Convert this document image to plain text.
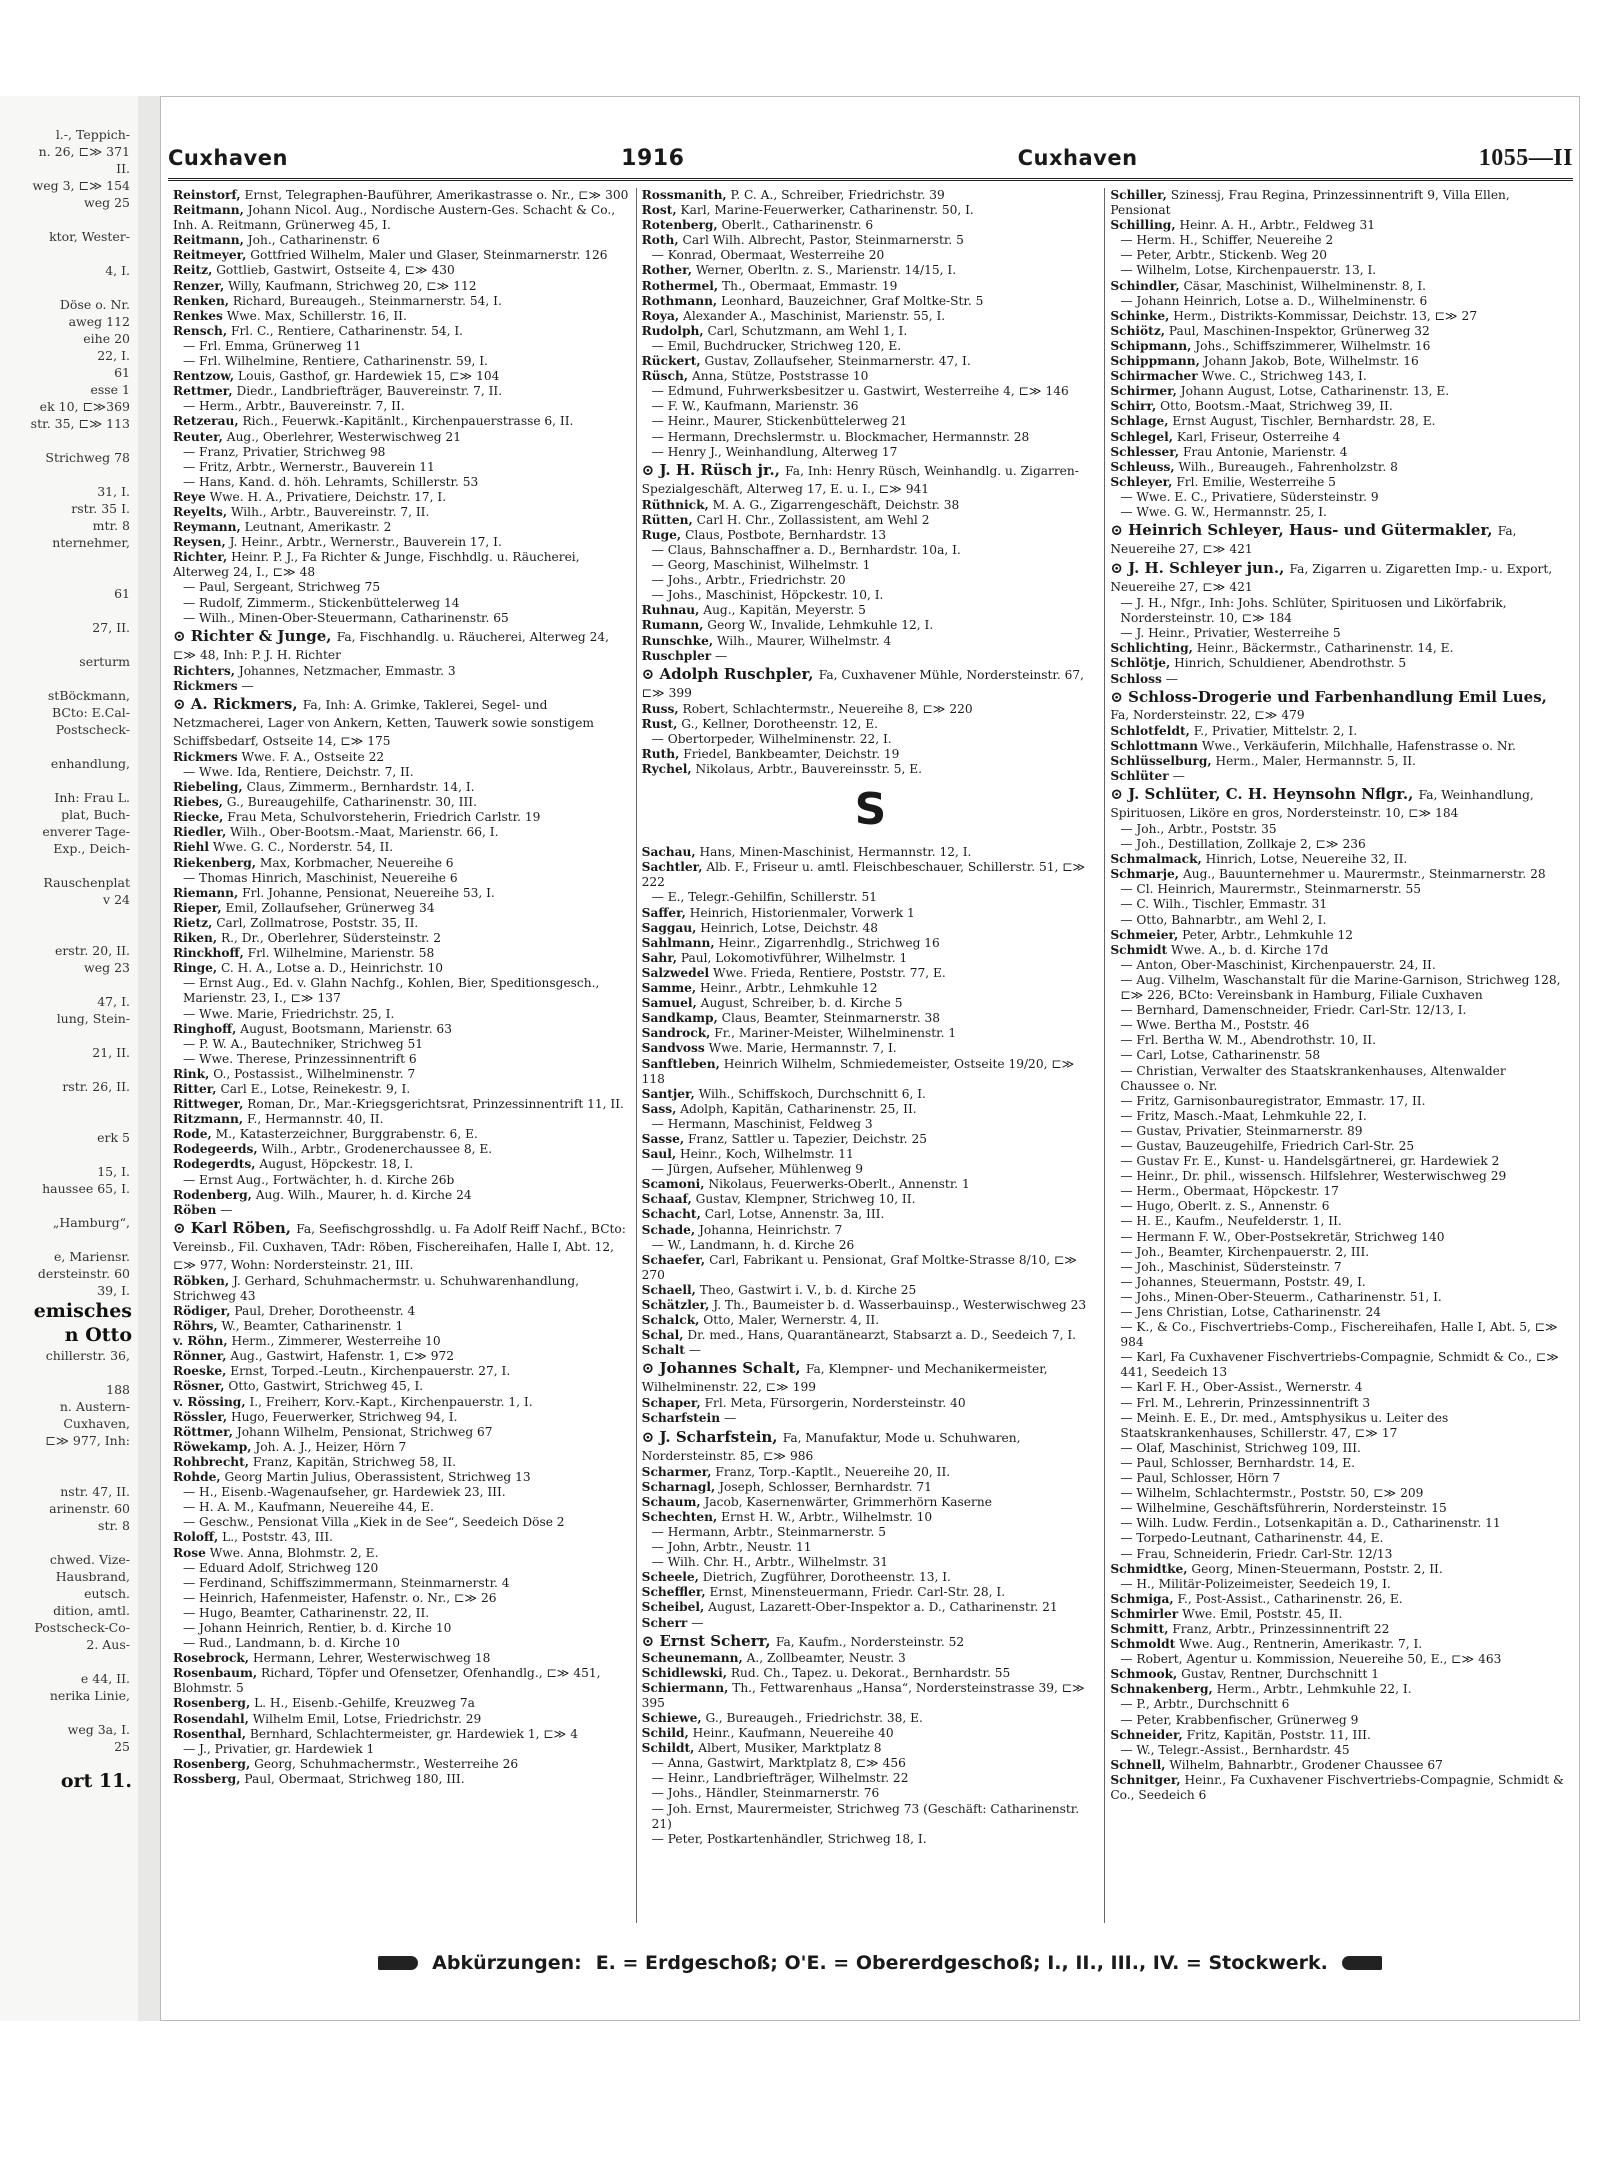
l.-, Teppich-
n. 26, ⊏≫ 371
II.
weg 3, ⊏≫ 154
weg 25

ktor, Wester-

4, I.

Döse o. Nr.
aweg 112
eihe 20
22, I.
61
esse 1
ek 10, ⊏≫369
str. 35, ⊏≫ 113

Strichweg 78

31, I.
rstr. 35 I.
mtr. 8
nternehmer,

61

27, II.

serturm

stBöckmann,
BCto: E.Cal-
Postscheck-

enhandlung,

Inh: Frau L.
plat, Buch-
enverer Tage-
Exp., Deich-

Rauschenplat
v 24

erstr. 20, II.
weg 23

47, I.
lung, Stein-

21, II.

rstr. 26, II.

erk 5

15, I.
haussee 65, I.

„Hamburg“,

e, Mariensr.
dersteinstr. 60
39, I.
emisches
n Otto
chillerstr. 36,

188
n. Austern-
Cuxhaven,
⊏≫ 977, Inh:

nstr. 47, II.
arinenstr. 60
str. 8

chwed. Vize-
Hausbrand,
eutsch.
dition, amtl.
Postscheck-Co-
2. Aus-

e 44, II.
nerika Linie,

weg 3a, I.
25
ort 11.
Cuxhaven	1916	Cuxhaven	1055—II

Reinstorf, Ernst, Telegraphen-Bauführer, Amerikastrasse o. Nr., ⊏≫ 300

Reitmann, Johann Nicol. Aug., Nordische Austern-Ges. Schacht & Co., Inh. A. Reitmann, Grünerweg 45, I.

Reitmann, Joh., Catharinenstr. 6

Reitmeyer, Gottfried Wilhelm, Maler und Glaser, Steinmarnerstr. 126

Reitz, Gottlieb, Gastwirt, Ostseite 4, ⊏≫ 430

Renzer, Willy, Kaufmann, Strichweg 20, ⊏≫ 112

Renken, Richard, Bureaugeh., Steinmarnerstr. 54, I.

Renkes Wwe. Max, Schillerstr. 16, II.

Rensch, Frl. C., Rentiere, Catharinenstr. 54, I.

— Frl. Emma, Grünerweg 11

— Frl. Wilhelmine, Rentiere, Catharinenstr. 59, I.

Rentzow, Louis, Gasthof, gr. Hardewiek 15, ⊏≫ 104

Rettmer, Diedr., Landbriefträger, Bauvereinstr. 7, II.

— Herm., Arbtr., Bauvereinstr. 7, II.

Retzerau, Rich., Feuerwk.-Kapitänlt., Kirchenpauerstrasse 6, II.

Reuter, Aug., Oberlehrer, Westerwischweg 21

— Franz, Privatier, Strichweg 98

— Fritz, Arbtr., Wernerstr., Bauverein 11

— Hans, Kand. d. höh. Lehramts, Schillerstr. 53

Reye Wwe. H. A., Privatiere, Deichstr. 17, I.

Reyelts, Wilh., Arbtr., Bauvereinstr. 7, II.

Reymann, Leutnant, Amerikastr. 2

Reysen, J. Heinr., Arbtr., Wernerstr., Bauverein 17, I.

Richter, Heinr. P. J., Fa Richter & Junge, Fischhdlg. u. Räucherei, Alterweg 24, I., ⊏≫ 48

— Paul, Sergeant, Strichweg 75

— Rudolf, Zimmerm., Stickenbüttelerweg 14

— Wilh., Minen-Ober-Steuermann, Catharinenstr. 65

⊙ Richter & Junge, Fa, Fischhandlg. u. Räucherei, Alterweg 24, ⊏≫ 48, Inh: P. J. H. Richter

Richters, Johannes, Netzmacher, Emmastr. 3

Rickmers —

⊙ A. Rickmers, Fa, Inh: A. Grimke, Taklerei, Segel- und Netzmacherei, Lager von Ankern, Ketten, Tauwerk sowie sonstigem Schiffsbedarf, Ostseite 14, ⊏≫ 175

Rickmers Wwe. F. A., Ostseite 22

— Wwe. Ida, Rentiere, Deichstr. 7, II.

Riebeling, Claus, Zimmerm., Bernhardstr. 14, I.

Riebes, G., Bureaugehilfe, Catharinenstr. 30, III.

Riecke, Frau Meta, Schulvorsteherin, Friedrich Carlstr. 19

Riedler, Wilh., Ober-Bootsm.-Maat, Marienstr. 66, I.

Riehl Wwe. G. C., Norderstr. 54, II.

Riekenberg, Max, Korbmacher, Neuereihe 6

— Thomas Hinrich, Maschinist, Neuereihe 6

Riemann, Frl. Johanne, Pensionat, Neuereihe 53, I.

Rieper, Emil, Zollaufseher, Grünerweg 34

Rietz, Carl, Zollmatrose, Poststr. 35, II.

Riken, R., Dr., Oberlehrer, Südersteinstr. 2

Rinckhoff, Frl. Wilhelmine, Marienstr. 58

Ringe, C. H. A., Lotse a. D., Heinrichstr. 10

— Ernst Aug., Ed. v. Glahn Nachfg., Kohlen, Bier, Speditionsgesch., Marienstr. 23, I., ⊏≫ 137

— Wwe. Marie, Friedrichstr. 25, I.

Ringhoff, August, Bootsmann, Marienstr. 63

— P. W. A., Bautechniker, Strichweg 51

— Wwe. Therese, Prinzessinnentrift 6

Rink, O., Postassist., Wilhelminenstr. 7

Ritter, Carl E., Lotse, Reinekestr. 9, I.

Rittweger, Roman, Dr., Mar.-Kriegsgerichtsrat, Prinzessinnentrift 11, II.

Ritzmann, F., Hermannstr. 40, II.

Rode, M., Katasterzeichner, Burggrabenstr. 6, E.

Rodegeerds, Wilh., Arbtr., Grodenerchaussee 8, E.

Rodegerdts, August, Höpckestr. 18, I.

— Ernst Aug., Fortwächter, h. d. Kirche 26b

Rodenberg, Aug. Wilh., Maurer, h. d. Kirche 24

Röben —

⊙ Karl Röben, Fa, Seefischgrosshdlg. u. Fa Adolf Reiff Nachf., BCto: Vereinsb., Fil. Cuxhaven, TAdr: Röben, Fischereihafen, Halle I, Abt. 12, ⊏≫ 977, Wohn: Nordersteinstr. 21, III.

Röbken, J. Gerhard, Schuhmachermstr. u. Schuhwarenhandlung, Strichweg 43

Rödiger, Paul, Dreher, Dorotheenstr. 4

Röhrs, W., Beamter, Catharinenstr. 1

v. Röhn, Herm., Zimmerer, Westerreihe 10

Rönner, Aug., Gastwirt, Hafenstr. 1, ⊏≫ 972

Roeske, Ernst, Torped.-Leutn., Kirchenpauerstr. 27, I.

Rösner, Otto, Gastwirt, Strichweg 45, I.

v. Rössing, I., Freiherr, Korv.-Kapt., Kirchenpauerstr. 1, I.

Rössler, Hugo, Feuerwerker, Strichweg 94, I.

Röttmer, Johann Wilhelm, Pensionat, Strichweg 67

Röwekamp, Joh. A. J., Heizer, Hörn 7

Rohbrecht, Franz, Kapitän, Strichweg 58, II.

Rohde, Georg Martin Julius, Oberassistent, Strichweg 13

— H., Eisenb.-Wagenaufseher, gr. Hardewiek 23, III.

— H. A. M., Kaufmann, Neuereihe 44, E.

— Geschw., Pensionat Villa „Kiek in de See“, Seedeich Döse 2

Roloff, L., Poststr. 43, III.

Rose Wwe. Anna, Blohmstr. 2, E.

— Eduard Adolf, Strichweg 120

— Ferdinand, Schiffszimmermann, Steinmarnerstr. 4

— Heinrich, Hafenmeister, Hafenstr. o. Nr., ⊏≫ 26

— Hugo, Beamter, Catharinenstr. 22, II.

— Johann Heinrich, Rentier, b. d. Kirche 10

— Rud., Landmann, b. d. Kirche 10

Rosebrock, Hermann, Lehrer, Westerwischweg 18

Rosenbaum, Richard, Töpfer und Ofensetzer, Ofenhandlg., ⊏≫ 451, Blohmstr. 5

Rosenberg, L. H., Eisenb.-Gehilfe, Kreuzweg 7a

Rosendahl, Wilhelm Emil, Lotse, Friedrichstr. 29

Rosenthal, Bernhard, Schlachtermeister, gr. Hardewiek 1, ⊏≫ 4

— J., Privatier, gr. Hardewiek 1

Rosenberg, Georg, Schuhmachermstr., Westerreihe 26

Rossberg, Paul, Obermaat, Strichweg 180, III.

Rossmanith, P. C. A., Schreiber, Friedrichstr. 39

Rost, Karl, Marine-Feuerwerker, Catharinenstr. 50, I.

Rotenberg, Oberlt., Catharinenstr. 6

Roth, Carl Wilh. Albrecht, Pastor, Steinmarnerstr. 5

— Konrad, Obermaat, Westerreihe 20

Rother, Werner, Oberltn. z. S., Marienstr. 14/15, I.

Rothermel, Th., Obermaat, Emmastr. 19

Rothmann, Leonhard, Bauzeichner, Graf Moltke-Str. 5

Roya, Alexander A., Maschinist, Marienstr. 55, I.

Rudolph, Carl, Schutzmann, am Wehl 1, I.

— Emil, Buchdrucker, Strichweg 120, E.

Rückert, Gustav, Zollaufseher, Steinmarnerstr. 47, I.

Rüsch, Anna, Stütze, Poststrasse 10

— Edmund, Fuhrwerksbesitzer u. Gastwirt, Westerreihe 4, ⊏≫ 146

— F. W., Kaufmann, Marienstr. 36

— Heinr., Maurer, Stickenbüttelerweg 21

— Hermann, Drechslermstr. u. Blockmacher, Hermannstr. 28

— Henry J., Weinhandlung, Alterweg 17

⊙ J. H. Rüsch jr., Fa, Inh: Henry Rüsch, Weinhandlg. u. Zigarren-Spezialgeschäft, Alterweg 17, E. u. I., ⊏≫ 941

Rüthnick, M. A. G., Zigarrengeschäft, Deichstr. 38

Rütten, Carl H. Chr., Zollassistent, am Wehl 2

Ruge, Claus, Postbote, Bernhardstr. 13

— Claus, Bahnschaffner a. D., Bernhardstr. 10a, I.

— Georg, Maschinist, Wilhelmstr. 1

— Johs., Arbtr., Friedrichstr. 20

— Johs., Maschinist, Höpckestr. 10, I.

Ruhnau, Aug., Kapitän, Meyerstr. 5

Rumann, Georg W., Invalide, Lehmkuhle 12, I.

Runschke, Wilh., Maurer, Wilhelmstr. 4

Ruschpler —

⊙ Adolph Ruschpler, Fa, Cuxhavener Mühle, Nordersteinstr. 67, ⊏≫ 399

Russ, Robert, Schlachtermstr., Neuereihe 8, ⊏≫ 220

Rust, G., Kellner, Dorotheenstr. 12, E.

— Obertorpeder, Wilhelminenstr. 22, I.

Ruth, Friedel, Bankbeamter, Deichstr. 19

Rychel, Nikolaus, Arbtr., Bauvereinsstr. 5, E.

S

Sachau, Hans, Minen-Maschinist, Hermannstr. 12, I.

Sachtler, Alb. F., Friseur u. amtl. Fleischbeschauer, Schillerstr. 51, ⊏≫ 222

— E., Telegr.-Gehilfin, Schillerstr. 51

Saffer, Heinrich, Historienmaler, Vorwerk 1

Saggau, Heinrich, Lotse, Deichstr. 48

Sahlmann, Heinr., Zigarrenhdlg., Strichweg 16

Sahr, Paul, Lokomotivführer, Wilhelmstr. 1

Salzwedel Wwe. Frieda, Rentiere, Poststr. 77, E.

Samme, Heinr., Arbtr., Lehmkuhle 12

Samuel, August, Schreiber, b. d. Kirche 5

Sandkamp, Claus, Beamter, Steinmarnerstr. 38

Sandrock, Fr., Mariner-Meister, Wilhelminenstr. 1

Sandvoss Wwe. Marie, Hermannstr. 7, I.

Sanftleben, Heinrich Wilhelm, Schmiedemeister, Ostseite 19/20, ⊏≫ 118

Santjer, Wilh., Schiffskoch, Durchschnitt 6, I.

Sass, Adolph, Kapitän, Catharinenstr. 25, II.

— Hermann, Maschinist, Feldweg 3

Sasse, Franz, Sattler u. Tapezier, Deichstr. 25

Saul, Heinr., Koch, Wilhelmstr. 11

— Jürgen, Aufseher, Mühlenweg 9

Scamoni, Nikolaus, Feuerwerks-Oberlt., Annenstr. 1

Schaaf, Gustav, Klempner, Strichweg 10, II.

Schacht, Carl, Lotse, Annenstr. 3a, III.

Schade, Johanna, Heinrichstr. 7

— W., Landmann, h. d. Kirche 26

Schaefer, Carl, Fabrikant u. Pensionat, Graf Moltke-Strasse 8/10, ⊏≫ 270

Schaell, Theo, Gastwirt i. V., b. d. Kirche 25

Schätzler, J. Th., Baumeister b. d. Wasserbauinsp., Westerwischweg 23

Schalck, Otto, Maler, Wernerstr. 4, II.

Schal, Dr. med., Hans, Quarantänearzt, Stabsarzt a. D., Seedeich 7, I.

Schalt —

⊙ Johannes Schalt, Fa, Klempner- und Mechanikermeister, Wilhelminenstr. 22, ⊏≫ 199

Schaper, Frl. Meta, Fürsorgerin, Nordersteinstr. 40

Scharfstein —

⊙ J. Scharfstein, Fa, Manufaktur, Mode u. Schuhwaren, Nordersteinstr. 85, ⊏≫ 986

Scharmer, Franz, Torp.-Kaptlt., Neuereihe 20, II.

Scharnagl, Joseph, Schlosser, Bernhardstr. 71

Schaum, Jacob, Kasernenwärter, Grimmerhörn Kaserne

Schechten, Ernst H. W., Arbtr., Wilhelmstr. 10

— Hermann, Arbtr., Steinmarnerstr. 5

— John, Arbtr., Neustr. 11

— Wilh. Chr. H., Arbtr., Wilhelmstr. 31

Scheele, Dietrich, Zugführer, Dorotheenstr. 13, I.

Scheffler, Ernst, Minensteuermann, Friedr. Carl-Str. 28, I.

Scheibel, August, Lazarett-Ober-Inspektor a. D., Catharinenstr. 21

Scherr —

⊙ Ernst Scherr, Fa, Kaufm., Nordersteinstr. 52

Scheunemann, A., Zollbeamter, Neustr. 3

Schidlewski, Rud. Ch., Tapez. u. Dekorat., Bernhardstr. 55

Schiermann, Th., Fettwarenhaus „Hansa“, Nordersteinstrasse 39, ⊏≫ 395

Schiewe, G., Bureaugeh., Friedrichstr. 38, E.

Schild, Heinr., Kaufmann, Neuereihe 40

Schildt, Albert, Musiker, Marktplatz 8

— Anna, Gastwirt, Marktplatz 8, ⊏≫ 456

— Heinr., Landbriefträger, Wilhelmstr. 22

— Johs., Händler, Steinmarnerstr. 76

— Joh. Ernst, Maurermeister, Strichweg 73 (Geschäft: Catharinenstr. 21)

— Peter, Postkartenhändler, Strichweg 18, I.

Schiller, Szinessj, Frau Regina, Prinzessinnentrift 9, Villa Ellen, Pensionat

Schilling, Heinr. A. H., Arbtr., Feldweg 31

— Herm. H., Schiffer, Neuereihe 2

— Peter, Arbtr., Stickenb. Weg 20

— Wilhelm, Lotse, Kirchenpauerstr. 13, I.

Schindler, Cäsar, Maschinist, Wilhelminenstr. 8, I.

— Johann Heinrich, Lotse a. D., Wilhelminenstr. 6

Schinke, Herm., Distrikts-Kommissar, Deichstr. 13, ⊏≫ 27

Schiötz, Paul, Maschinen-Inspektor, Grünerweg 32

Schipmann, Johs., Schiffszimmerer, Wilhelmstr. 16

Schippmann, Johann Jakob, Bote, Wilhelmstr. 16

Schirmacher Wwe. C., Strichweg 143, I.

Schirmer, Johann August, Lotse, Catharinenstr. 13, E.

Schirr, Otto, Bootsm.-Maat, Strichweg 39, II.

Schlage, Ernst August, Tischler, Bernhardstr. 28, E.

Schlegel, Karl, Friseur, Osterreihe 4

Schlesser, Frau Antonie, Marienstr. 4

Schleuss, Wilh., Bureaugeh., Fahrenholzstr. 8

Schleyer, Frl. Emilie, Westerreihe 5

— Wwe. E. C., Privatiere, Südersteinstr. 9

— Wwe. G. W., Hermannstr. 25, I.

⊙ Heinrich Schleyer, Haus- und Gütermakler, Fa, Neuereihe 27, ⊏≫ 421

⊙ J. H. Schleyer jun., Fa, Zigarren u. Zigaretten Imp.- u. Export, Neuereihe 27, ⊏≫ 421

— J. H., Nfgr., Inh: Johs. Schlüter, Spirituosen und Likörfabrik, Nordersteinstr. 10, ⊏≫ 184

— J. Heinr., Privatier, Westerreihe 5

Schlichting, Heinr., Bäckermstr., Catharinenstr. 14, E.

Schlötje, Hinrich, Schuldiener, Abendrothstr. 5

Schloss —

⊙ Schloss-Drogerie und Farbenhandlung Emil Lues, Fa, Nordersteinstr. 22, ⊏≫ 479

Schlotfeldt, F., Privatier, Mittelstr. 2, I.

Schlottmann Wwe., Verkäuferin, Milchhalle, Hafenstrasse o. Nr.

Schlüsselburg, Herm., Maler, Hermannstr. 5, II.

Schlüter —

⊙ J. Schlüter, C. H. Heynsohn Nflgr., Fa, Weinhandlung, Spirituosen, Liköre en gros, Nordersteinstr. 10, ⊏≫ 184

— Joh., Arbtr., Poststr. 35

— Joh., Destillation, Zollkaje 2, ⊏≫ 236

Schmalmack, Hinrich, Lotse, Neuereihe 32, II.

Schmarje, Aug., Bauunternehmer u. Maurermstr., Steinmarnerstr. 28

— Cl. Heinrich, Maurermstr., Steinmarnerstr. 55

— C. Wilh., Tischler, Emmastr. 31

— Otto, Bahnarbtr., am Wehl 2, I.

Schmeier, Peter, Arbtr., Lehmkuhle 12

Schmidt Wwe. A., b. d. Kirche 17d

— Anton, Ober-Maschinist, Kirchenpauerstr. 24, II.

— Aug. Vilhelm, Waschanstalt für die Marine-Garnison, Strichweg 128, ⊏≫ 226, BCto: Vereinsbank in Hamburg, Filiale Cuxhaven

— Bernhard, Damenschneider, Friedr. Carl-Str. 12/13, I.

— Wwe. Bertha M., Poststr. 46

— Frl. Bertha W. M., Abendrothstr. 10, II.

— Carl, Lotse, Catharinenstr. 58

— Christian, Verwalter des Staatskrankenhauses, Altenwalder Chaussee o. Nr.

— Fritz, Garnisonbauregistrator, Emmastr. 17, II.

— Fritz, Masch.-Maat, Lehmkuhle 22, I.

— Gustav, Privatier, Steinmarnerstr. 89

— Gustav, Bauzeugehilfe, Friedrich Carl-Str. 25

— Gustav Fr. E., Kunst- u. Handelsgärtnerei, gr. Hardewiek 2

— Heinr., Dr. phil., wissensch. Hilfslehrer, Westerwischweg 29

— Herm., Obermaat, Höpckestr. 17

— Hugo, Oberlt. z. S., Annenstr. 6

— H. E., Kaufm., Neufelderstr. 1, II.

— Hermann F. W., Ober-Postsekretär, Strichweg 140

— Joh., Beamter, Kirchenpauerstr. 2, III.

— Joh., Maschinist, Südersteinstr. 7

— Johannes, Steuermann, Poststr. 49, I.

— Johs., Minen-Ober-Steuerm., Catharinenstr. 51, I.

— Jens Christian, Lotse, Catharinenstr. 24

— K., & Co., Fischvertriebs-Comp., Fischereihafen, Halle I, Abt. 5, ⊏≫ 984

— Karl, Fa Cuxhavener Fischvertriebs-Compagnie, Schmidt & Co., ⊏≫ 441, Seedeich 13

— Karl F. H., Ober-Assist., Wernerstr. 4

— Frl. M., Lehrerin, Prinzessinnentrift 3

— Meinh. E. E., Dr. med., Amtsphysikus u. Leiter des Staatskrankenhauses, Schillerstr. 47, ⊏≫ 17

— Olaf, Maschinist, Strichweg 109, III.

— Paul, Schlosser, Bernhardstr. 14, E.

— Paul, Schlosser, Hörn 7

— Wilhelm, Schlachtermstr., Poststr. 50, ⊏≫ 209

— Wilhelmine, Geschäftsführerin, Nordersteinstr. 15

— Wilh. Ludw. Ferdin., Lotsenkapitän a. D., Catharinenstr. 11

— Torpedo-Leutnant, Catharinenstr. 44, E.

— Frau, Schneiderin, Friedr. Carl-Str. 12/13

Schmidtke, Georg, Minen-Steuermann, Poststr. 2, II.

— H., Militär-Polizeimeister, Seedeich 19, I.

Schmiga, F., Post-Assist., Catharinenstr. 26, E.

Schmirler Wwe. Emil, Poststr. 45, II.

Schmitt, Franz, Arbtr., Prinzessinnentrift 22

Schmoldt Wwe. Aug., Rentnerin, Amerikastr. 7, I.

— Robert, Agentur u. Kommission, Neuereihe 50, E., ⊏≫ 463

Schmook, Gustav, Rentner, Durchschnitt 1

Schnakenberg, Herm., Arbtr., Lehmkuhle 22, I.

— P., Arbtr., Durchschnitt 6

— Peter, Krabbenfischer, Grünerweg 9

Schneider, Fritz, Kapitän, Poststr. 11, III.

— W., Telegr.-Assist., Bernhardstr. 45

Schnell, Wilhelm, Bahnarbtr., Grodener Chaussee 67

Schnitger, Heinr., Fa Cuxhavener Fischvertriebs-Compagnie, Schmidt & Co., Seedeich 6

Abkürzungen: E. = Erdgeschoß; O'E. = Obererdgeschoß; I., II., III., IV. = Stockwerk.
